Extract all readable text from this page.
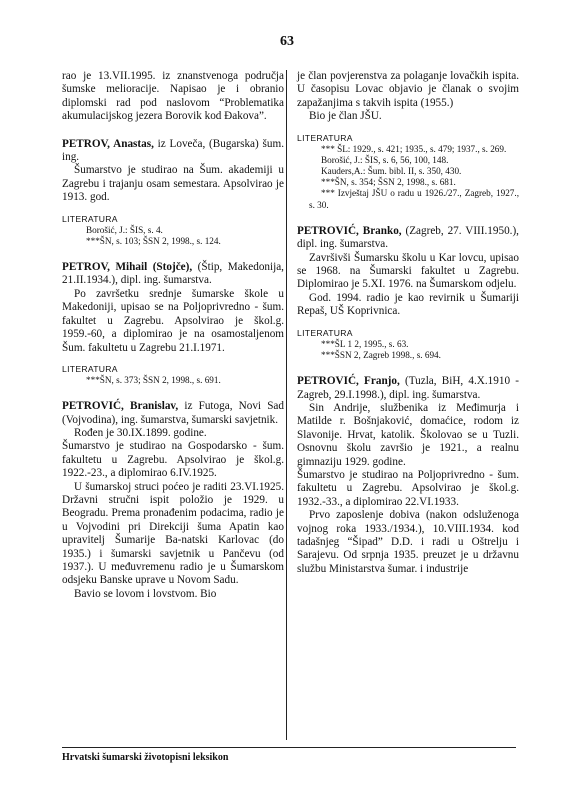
63

rao je 13.VII.1995. iz znanstvenoga područja šumske melioracije. Napisao je i obranio diplomski rad pod naslovom “Problematika akumulacijskog jezera Borovik kod Đakova”.

PETROV, Anastas, iz Loveča, (Bugarska) šum. ing.

Šumarstvo je studirao na Šum. akademiji u Zagrebu i trajanju osam semestara. Apsolvirao je 1913. god.

LITERATURA

Borošić, J.: ŠIS, s. 4.

***ŠN, s. 103; ŠSN 2, 1998., s. 124.

PETROV, Mihail (Stojče), (Štip, Makedonija, 21.II.1934.), dipl. ing. šumarstva.

Po završetku srednje šumarske škole u Makedoniji, upisao se na Poljoprivredno - šum. fakultet u Zagrebu. Apsolvirao je škol.g. 1959.-60, a diplomirao je na osamostaljenom Šum. fakultetu u Zagrebu 21.I.1971.

LITERATURA

***ŠN, s. 373; ŠSN 2, 1998., s. 691.

PETROVIĆ, Branislav, iz Futoga, Novi Sad (Vojvodina), ing. šumarstva, šumarski savjetnik.

Rođen je 30.IX.1899. godine.

Šumarstvo je studirao na Gospodarsko - šum. fakultetu u Zagrebu. Apsolvirao je škol.g. 1922.-23., a diplomirao 6.IV.1925.

U šumarskoj struci poćeo je raditi 23.VI.1925. Državni stručni ispit položio je 1929. u Beogradu. Prema pronađenim podacima, radio je u Vojvodini pri Direkciji šuma Apatin kao upravitelj Šumarije Ba-natski Karlovac (do 1935.) i šumarski savjetnik u Pančevu (od 1937.). U međuvremenu radio je u Šumarskom odsjeku Banske uprave u Novom Sadu.

Bavio se lovom i lovstvom. Bio

je član povjerenstva za polaganje lovačkih ispita. U časopisu Lovac objavio je članak o svojim zapažanjima s takvih ispita (1955.)

Bio je član JŠU.

LITERATURA

*** ŠL: 1929., s. 421; 1935., s. 479; 1937., s. 269.

Borošić, J.: ŠIS, s. 6, 56, 100, 148.

Kauders,A.: Šum. bibl. II, s. 350, 430.

***ŠN, s. 354; ŠSN 2, 1998., s. 681.

*** Izvještaj JŠU o radu u 1926./27., Zagreb, 1927., s. 30.

PETROVIĆ, Branko, (Zagreb, 27. VIII.1950.), dipl. ing. šumarstva.

Završivši Šumarsku školu u Kar lovcu, upisao se 1968. na Šumarski fakultet u Zagrebu. Diplomirao je 5.XI. 1976. na Šumarskom odjelu.

God. 1994. radio je kao revirnik u Šumariji Repaš, UŠ Koprivnica.

LITERATURA

***ŠL 1 2, 1995., s. 63.

***ŠSN 2, Zagreb 1998., s. 694.

PETROVIĆ, Franjo, (Tuzla, BiH, 4.X.1910 - Zagreb, 29.I.1998.), dipl. ing. šumarstva.

Sin Andrije, službenika iz Međimurja i Matilde r. Bošnjaković, domaćice, rodom iz Slavonije. Hrvat, katolik. Školovao se u Tuzli. Osnovnu školu završio je 1921., a realnu gimnaziju 1929. godine.

Šumarstvo je studirao na Poljoprivredno - šum. fakultetu u Zagrebu. Apsolvirao je škol.g. 1932.-33., a diplomirao 22.VI.1933.

Prvo zaposlenje dobiva (nakon odsluženoga vojnog roka 1933./1934.), 10.VIII.1934. kod tadašnjeg “Šipad” D.D. i radi u Oštrelju i Sarajevu. Od srpnja 1935. preuzet je u državnu službu Ministarstva šumar. i industrije

Hrvatski šumarski životopisni leksikon
